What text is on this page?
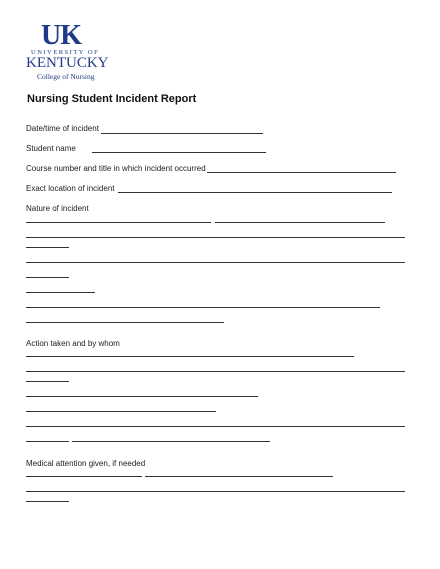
UK
UNIVERSITY OF
KENTUCKY
College of Nursing
Nursing Student Incident Report
Date/time of incident
Student name
Course number and title in which incident occurred
Exact location of incident
Nature of incident
Action taken and by whom
Medical attention given, if needed
